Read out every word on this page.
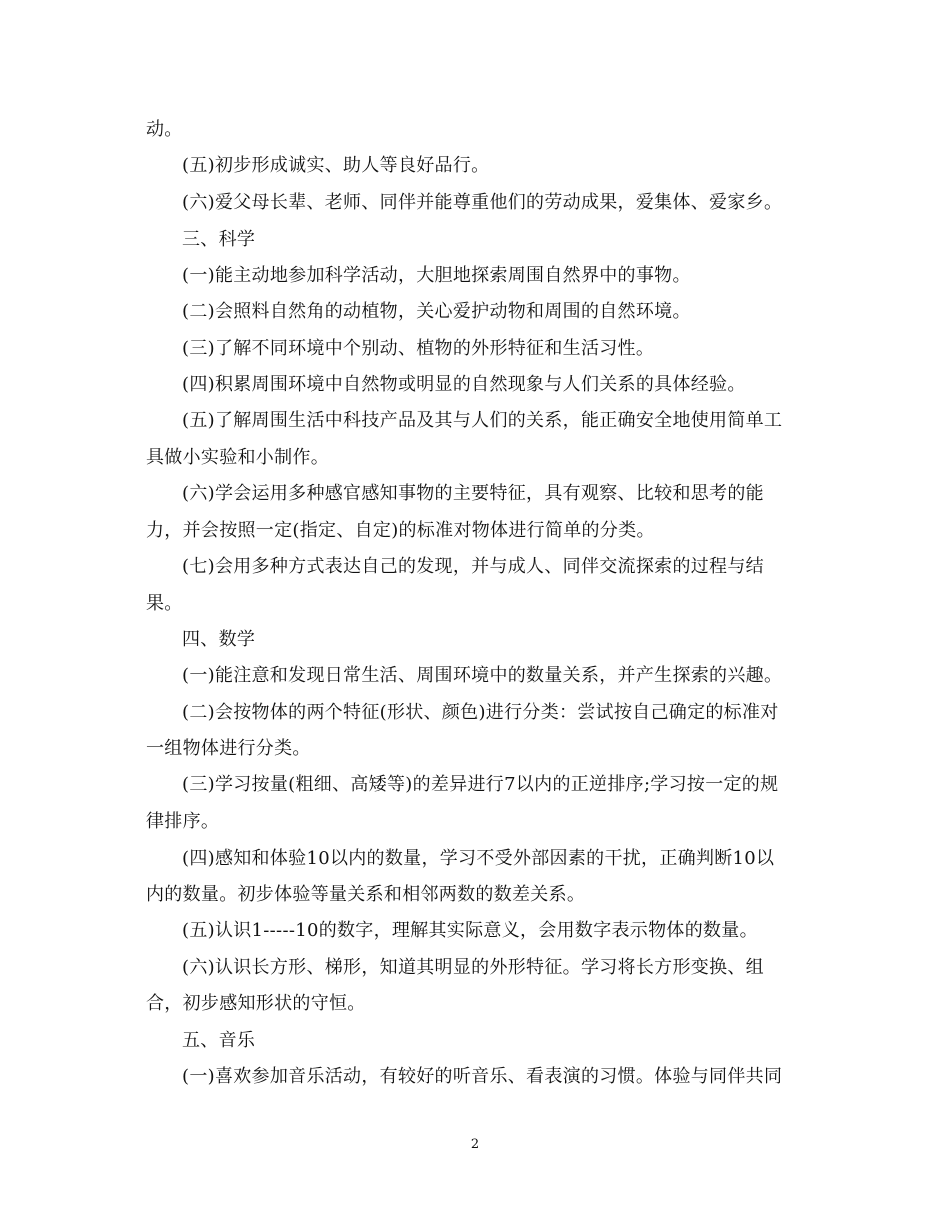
动。
(五)初步形成诚实、助人等良好品行。
(六)爱父母长辈、老师、同伴并能尊重他们的劳动成果，爱集体、爱家乡。
三、科学
(一)能主动地参加科学活动，大胆地探索周围自然界中的事物。
(二)会照料自然角的动植物，关心爱护动物和周围的自然环境。
(三)了解不同环境中个别动、植物的外形特征和生活习性。
(四)积累周围环境中自然物或明显的自然现象与人们关系的具体经验。
(五)了解周围生活中科技产品及其与人们的关系，能正确安全地使用简单工
具做小实验和小制作。
(六)学会运用多种感官感知事物的主要特征，具有观察、比较和思考的能
力，并会按照一定(指定、自定)的标准对物体进行简单的分类。
(七)会用多种方式表达自己的发现，并与成人、同伴交流探索的过程与结
果。
四、数学
(一)能注意和发现日常生活、周围环境中的数量关系，并产生探索的兴趣。
(二)会按物体的两个特征(形状、颜色)进行分类：尝试按自己确定的标准对
一组物体进行分类。
(三)学习按量(粗细、高矮等)的差异进行7以内的正逆排序;学习按一定的规
律排序。
(四)感知和体验10以内的数量，学习不受外部因素的干扰，正确判断10以
内的数量。初步体验等量关系和相邻两数的数差关系。
(五)认识1-----10的数字，理解其实际意义，会用数字表示物体的数量。
(六)认识长方形、梯形，知道其明显的外形特征。学习将长方形变换、组
合，初步感知形状的守恒。
五、音乐
(一)喜欢参加音乐活动，有较好的听音乐、看表演的习惯。体验与同伴共同
2
